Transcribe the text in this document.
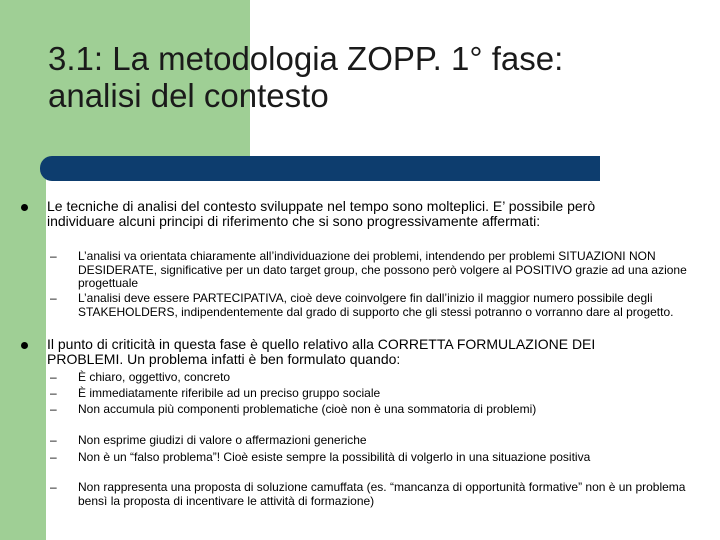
3.1: La metodologia ZOPP. 1° fase:
analisi del contesto
Le tecniche di analisi del contesto sviluppate nel tempo sono molteplici. E’ possibile però individuare alcuni principi di riferimento che si sono progressivamente affermati:
–	L’analisi va orientata chiaramente all’individuazione dei problemi, intendendo per problemi SITUAZIONI NON DESIDERATE, significative per un dato target group, che possono però volgere al POSITIVO grazie ad una azione progettuale
–	L’analisi deve essere PARTECIPATIVA, cioè deve coinvolgere fin dall’inizio il maggior numero possibile degli STAKEHOLDERS, indipendentemente dal grado di supporto che gli stessi potranno o vorranno dare al progetto.
Il punto di criticità in questa fase è quello relativo alla CORRETTA FORMULAZIONE DEI PROBLEMI. Un problema infatti è ben formulato quando:
–	È chiaro, oggettivo, concreto
–	È immediatamente riferibile ad un preciso gruppo sociale
–	Non accumula più componenti problematiche (cioè non è una sommatoria di problemi)
–	Non esprime giudizi di valore o affermazioni generiche
–	Non è un “falso problema”! Cioè esiste sempre la possibilità di volgerlo in una situazione positiva
–	Non rappresenta una proposta di soluzione camuffata (es. “mancanza di opportunità formative” non è un problema bensì la proposta di incentivare le attività di formazione)
